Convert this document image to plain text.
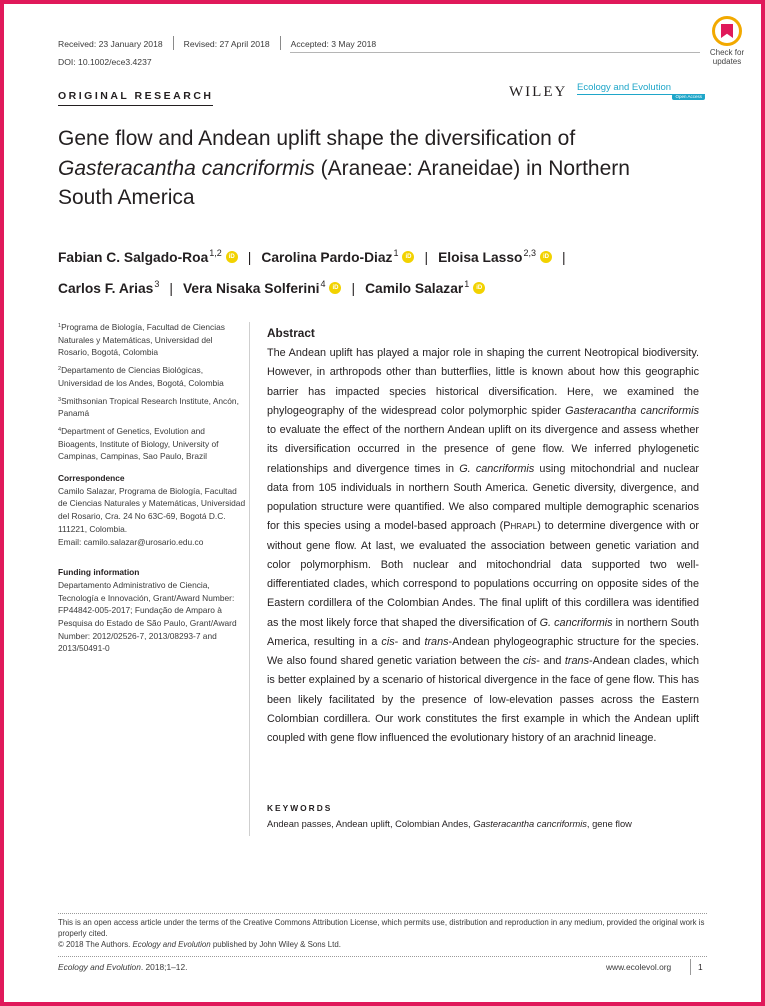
Received: 23 January 2018 Revised: 27 April 2018 Accepted: 3 May 2018
DOI: 10.1002/ece3.4237
Check for
updates
ORIGINAL RESEARCH	WILEY Ecology and Evolution
Open Access
Gene flow and Andean uplift shape the diversification of
Gasteracantha cancriformis (Araneae: Araneidae) in Northern
South America
Fabian C. Salgado-Roa$^{1,2}$ iD | Carolina Pardo-Diaz$^1$ iD | Eloisa Lasso$^{2,3}$ iD |
Carlos F. Arias$^3$ | Vera Nisaka Solferini$^4$ iD | Camilo Salazar$^1$iD
$^1$Programa de Biología, Facultad de Ciencias Naturales y Matemáticas, Universidad del Rosario, Bogotá, Colombia
$^2$Departamento de Ciencias Biológicas, Universidad de los Andes, Bogotá, Colombia
$^3$Smithsonian Tropical Research Institute, Ancón, Panamá
$^4$Department of Genetics, Evolution and Bioagents, Institute of Biology, University of Campinas, Campinas, Sao Paulo, Brazil
Correspondence
Camilo Salazar, Programa de Biología, Facultad de Ciencias Naturales y Matemáticas, Universidad del Rosario, Cra. 24 No 63C-69, Bogotá D.C. 111221, Colombia.
Email: camilo.salazar@urosario.edu.co
Funding information
Departamento Administrativo de Ciencia, Tecnología e Innovación, Grant/Award Number: FP44842-005-2017; Fundação de Amparo à Pesquisa do Estado de São Paulo, Grant/Award Number: 2012/02526-7, 2013/08293-7 and 2013/50491-0
Abstract
The Andean uplift has played a major role in shaping the current Neotropical biodiversity. However, in arthropods other than butterflies, little is known about how this geographic barrier has impacted species historical diversification. Here, we examined the phylogeography of the widespread color polymorphic spider Gasteracantha cancriformis to evaluate the effect of the northern Andean uplift on its divergence and assess whether its diversification occurred in the presence of gene flow. We inferred phylogenetic relationships and divergence times in G. cancriformis using mitochondrial and nuclear data from 105 individuals in northern South America. Genetic diversity, divergence, and population structure were quantified. We also compared multiple demographic scenarios for this species using a model-based approach (Phrapl) to determine divergence with or without gene flow. At last, we evaluated the association between genetic variation and color polymorphism. Both nuclear and mitochondrial data supported two well-differentiated clades, which correspond to populations occurring on opposite sides of the Eastern cordillera of the Colombian Andes. The final uplift of this cordillera was identified as the most likely force that shaped the diversification of G. cancriformis in northern South America, resulting in a cis- and trans-Andean phylogeographic structure for the species. We also found shared genetic variation between the cis- and trans-Andean clades, which is better explained by a scenario of historical divergence in the face of gene flow. This has been likely facilitated by the presence of low-elevation passes across the Eastern Colombian cordillera. Our work constitutes the first example in which the Andean uplift coupled with gene flow influenced the evolutionary history of an arachnid lineage.
KEYWORDS
Andean passes, Andean uplift, Colombian Andes, Gasteracantha cancriformis, gene flow
This is an open access article under the terms of the Creative Commons Attribution License, which permits use, distribution and reproduction in any medium, provided the original work is properly cited.
© 2018 The Authors. Ecology and Evolution published by John Wiley & Sons Ltd.
Ecology and Evolution. 2018;1–12.	www.ecolevol.org	1
